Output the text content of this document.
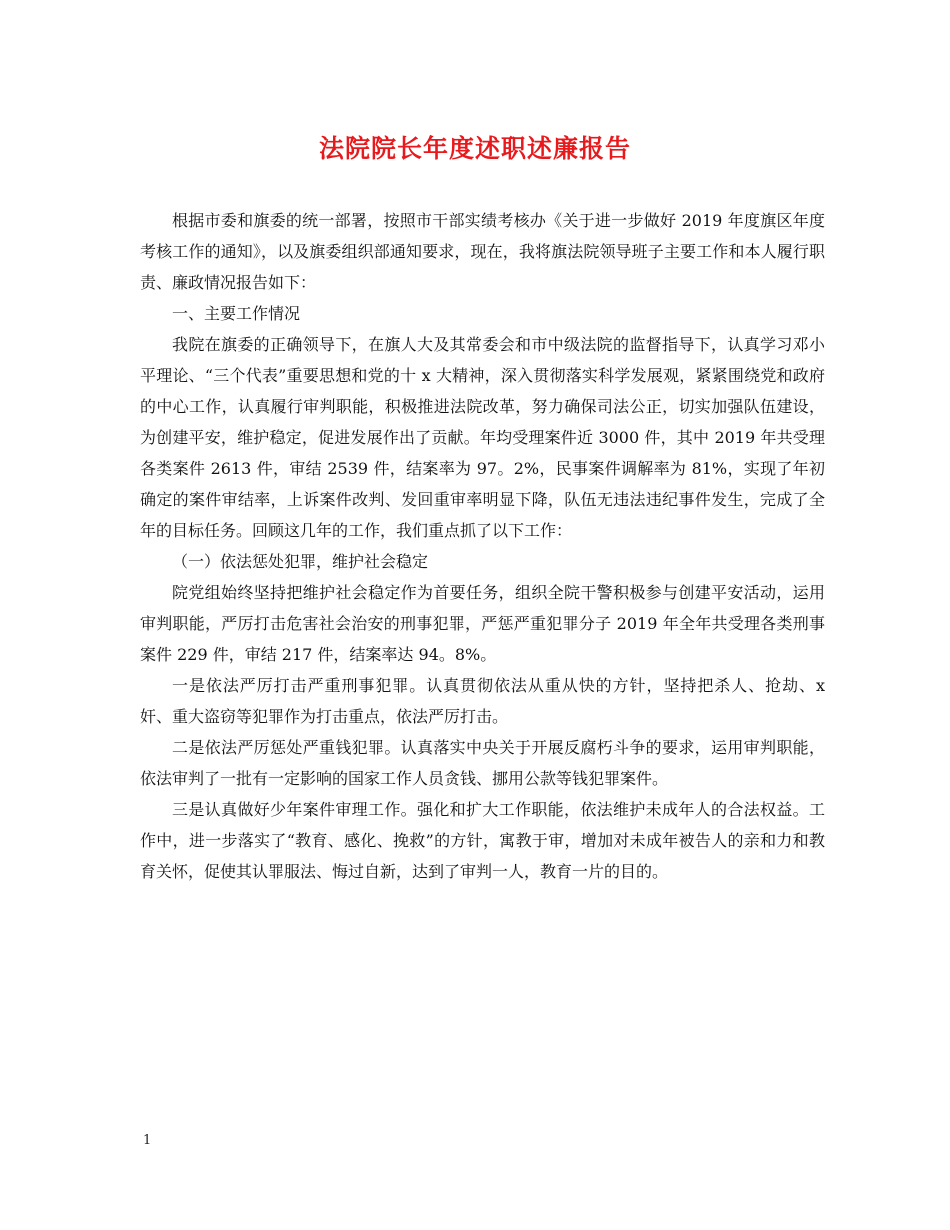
法院院长年度述职述廉报告

根据市委和旗委的统一部署，按照市干部实绩考核办《关于进一步做好 2019 年度旗区年度考核工作的通知》，以及旗委组织部通知要求，现在，我将旗法院领导班子主要工作和本人履行职责、廉政情况报告如下：

一、主要工作情况

我院在旗委的正确领导下，在旗人大及其常委会和市中级法院的监督指导下，认真学习邓小平理论、“三个代表”重要思想和党的十 x 大精神，深入贯彻落实科学发展观，紧紧围绕党和政府的中心工作，认真履行审判职能，积极推进法院改革，努力确保司法公正，切实加强队伍建设，为创建平安，维护稳定，促进发展作出了贡献。年均受理案件近 3000 件，其中 2019 年共受理各类案件 2613 件，审结 2539 件，结案率为 97。2%，民事案件调解率为 81%，实现了年初确定的案件审结率，上诉案件改判、发回重审率明显下降，队伍无违法违纪事件发生，完成了全年的目标任务。回顾这几年的工作，我们重点抓了以下工作：

（一）依法惩处犯罪，维护社会稳定

院党组始终坚持把维护社会稳定作为首要任务，组织全院干警积极参与创建平安活动，运用审判职能，严厉打击危害社会治安的刑事犯罪，严惩严重犯罪分子 2019 年全年共受理各类刑事案件 229 件，审结 217 件，结案率达 94。8%。

一是依法严厉打击严重刑事犯罪。认真贯彻依法从重从快的方针，坚持把杀人、抢劫、x 奸、重大盗窃等犯罪作为打击重点，依法严厉打击。

二是依法严厉惩处严重钱犯罪。认真落实中央关于开展反腐朽斗争的要求，运用审判职能，依法审判了一批有一定影响的国家工作人员贪钱、挪用公款等钱犯罪案件。

三是认真做好少年案件审理工作。强化和扩大工作职能，依法维护未成年人的合法权益。工作中，进一步落实了“教育、感化、挽救”的方针，寓教于审，增加对未成年被告人的亲和力和教育关怀，促使其认罪服法、悔过自新，达到了审判一人，教育一片的目的。

1
